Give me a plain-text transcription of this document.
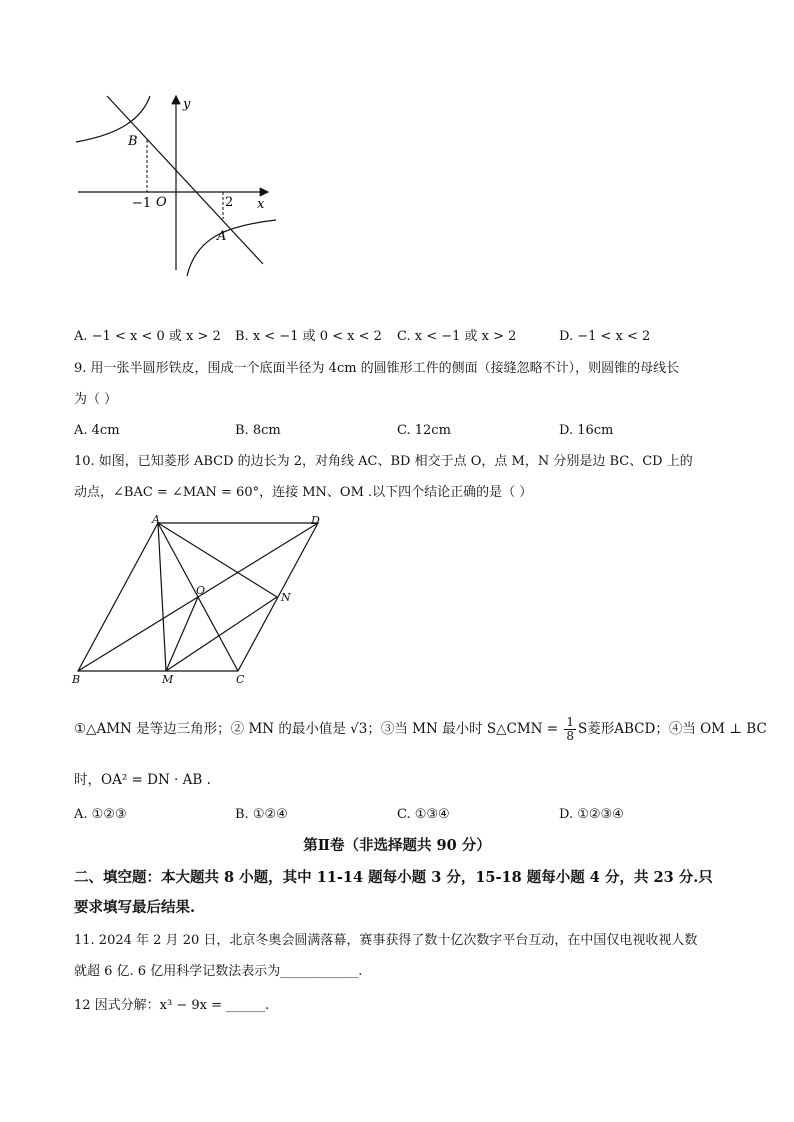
y
x
B
A
O
−1	2
A. −1 < x < 0 或 x > 2 B. x < −1 或 0 < x < 2 C. x < −1 或 x > 2	D. −1 < x < 2
9. 用一张半圆形铁皮，围成一个底面半径为 4cm 的圆锥形工件的侧面（接缝忽略不计），则圆锥的母线长
为（ ）
A. 4cm	B. 8cm	C. 12cm	D. 16cm
10. 如图，已知菱形 ABCD 的边长为 2，对角线 AC、BD 相交于点 O，点 M，N 分别是边 BC、CD 上的
动点，∠BAC = ∠MAN = 60°，连接 MN、OM .以下四个结论正确的是（ ）
A	D
O
N
B	M	C
①△AMN 是等边三角形；② MN 的最小值是 √3；③当 MN 最小时 S△CMN = $\frac{1}{8}$ S菱形ABCD；④当 OM ⊥ BC
时，OA² = DN · AB .
A. ①②③	B. ①②④	C. ①③④	D. ①②③④
第Ⅱ卷（非选择题共 90 分）
二、填空题：本大题共 8 小题，其中 11-14 题每小题 3 分，15-18 题每小题 4 分，共 23 分.只
要求填写最后结果.
11. 2024 年 2 月 20 日，北京冬奥会圆满落幕，赛事获得了数十亿次数字平台互动，在中国仅电视收视人数
就超 6 亿. 6 亿用科学记数法表示为____________.
12 因式分解：x³ − 9x = ______.
